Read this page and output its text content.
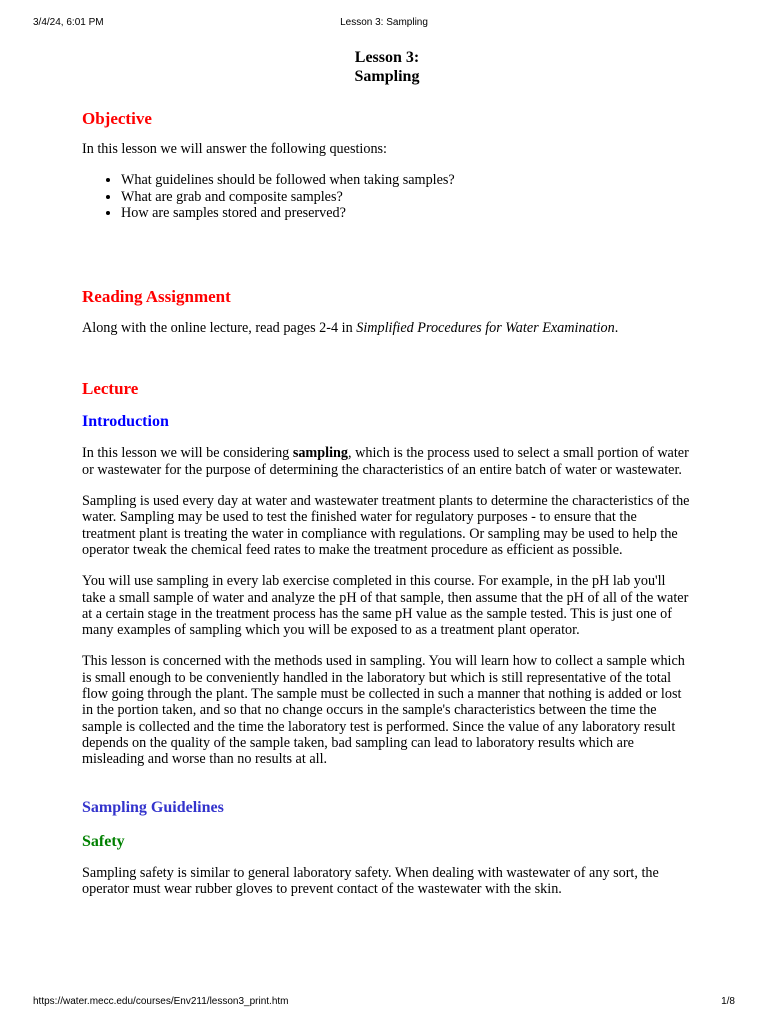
3/4/24, 6:01 PM	Lesson 3: Sampling

Lesson 3:
Sampling

Objective

In this lesson we will answer the following questions:

• What guidelines should be followed when taking samples?
• What are grab and composite samples?
• How are samples stored and preserved?
Reading Assignment

Along with the online lecture, read pages 2-4 in Simplified Procedures for Water Examination.

Lecture
Introduction

In this lesson we will be considering sampling, which is the process used to select a small portion of water or wastewater for the purpose of determining the characteristics of an entire batch of water or wastewater.

Sampling is used every day at water and wastewater treatment plants to determine the characteristics of the water. Sampling may be used to test the finished water for regulatory purposes - to ensure that the treatment plant is treating the water in compliance with regulations. Or sampling may be used to help the operator tweak the chemical feed rates to make the treatment procedure as efficient as possible.

You will use sampling in every lab exercise completed in this course. For example, in the pH lab you'll take a small sample of water and analyze the pH of that sample, then assume that the pH of all of the water at a certain stage in the treatment process has the same pH value as the sample tested. This is just one of many examples of sampling which you will be exposed to as a treatment plant operator.

This lesson is concerned with the methods used in sampling. You will learn how to collect a sample which is small enough to be conveniently handled in the laboratory but which is still representative of the total flow going through the plant. The sample must be collected in such a manner that nothing is added or lost in the portion taken, and so that no change occurs in the sample's characteristics between the time the sample is collected and the time the laboratory test is performed. Since the value of any laboratory result depends on the quality of the sample taken, bad sampling can lead to laboratory results which are misleading and worse than no results at all.

Sampling Guidelines
Safety

Sampling safety is similar to general laboratory safety. When dealing with wastewater of any sort, the operator must wear rubber gloves to prevent contact of the wastewater with the skin.

https://water.mecc.edu/courses/Env211/lesson3_print.htm	1/8
